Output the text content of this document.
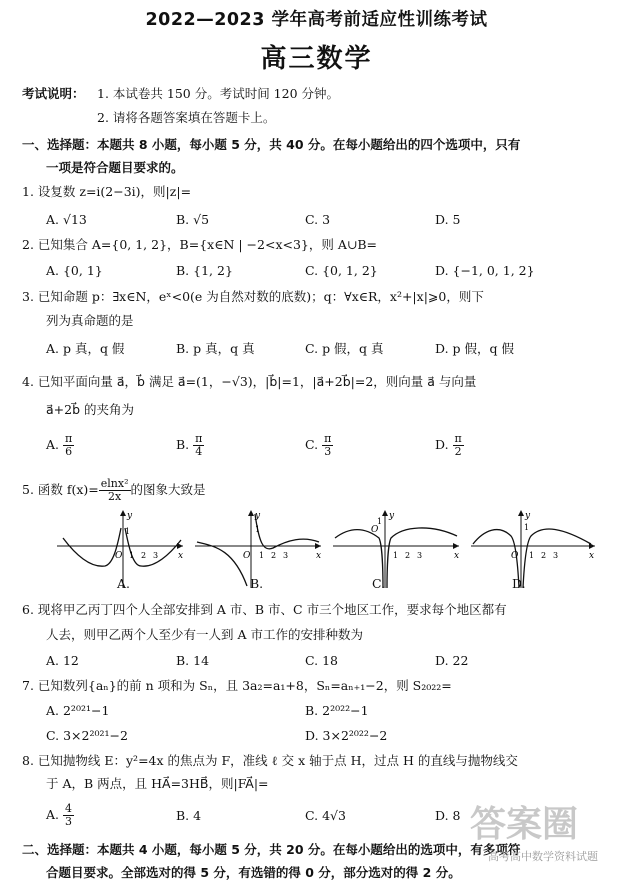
2022—2023 学年高考前适应性训练考试
高三数学
考试说明： 1. 本试卷共 150 分。考试时间 120 分钟。
2. 请将各题答案填在答题卡上。
一、选择题：本题共 8 小题，每小题 5 分，共 40 分。在每小题给出的四个选项中，只有
一项是符合题目要求的。
1. 设复数 z=i(2−3i)，则|z|=
A. √13	B. √5	C. 3	D. 5
2. 已知集合 A={0, 1, 2}，B={x∈N | −2<x<3}，则 A∪B=
A. {0, 1}	B. {1, 2}	C. {0, 1, 2}	D. {−1, 0, 1, 2}
3. 已知命题 p：∃x∈N，eˣ<0(e 为自然对数的底数)；q：∀x∈R，x²+|x|⩾0，则下
列为真命题的是
A. p 真，q 假	B. p 真，q 真	C. p 假，q 真	D. p 假，q 假
4. 已知平面向量 a⃗，b⃗ 满足 a⃗=(1，−√3)，|b⃗|=1，|a⃗+2b⃗|=2，则向量 a⃗ 与向量
a⃗+2b⃗ 的夹角为
A. $\frac{\pi}{6}$	B. $\frac{\pi}{4}$	C. $\frac{\pi}{3}$	D. $\frac{\pi}{2}$
5. 函数 $f(x)= \frac{\text{elnx²}}{2x}$ 的图象大致是
y
x
O
1
1 2 3
y
x
O
1
1 2 3
y
x
O
1
1 2 3
y
x
O
1
1 2 3
A.	B.	C.	D.
6. 现将甲乙丙丁四个人全部安排到 A 市、B 市、C 市三个地区工作，要求每个地区都有
人去，则甲乙两个人至少有一人到 A 市工作的安排种数为
A. 12	B. 14	C. 18	D. 22
7. 已知数列{aₙ}的前 n 项和为 Sₙ，且 3a₂=a₁+8，Sₙ=aₙ₊₁−2，则 S₂₀₂₂=
A. 2²⁰²¹−1	B. 2²⁰²²−1
C. 3×2²⁰²¹−2	D. 3×2²⁰²²−2
8. 已知抛物线 E：y²=4x 的焦点为 F，准线 ℓ 交 x 轴于点 H，过点 H 的直线与抛物线交
于 A，B 两点，且 HA⃗=3HB⃗，则|FA⃗|=
A. $\frac{4}{3}$	B. 4	C. 4√3	D. 8
二、选择题：本题共 4 小题，每小题 5 分，共 20 分。在每小题给出的选项中，有多项符
合题目要求。全部选对的得 5 分，有选错的得 0 分，部分选对的得 2 分。
答案圈
高考高中数学资料试题
